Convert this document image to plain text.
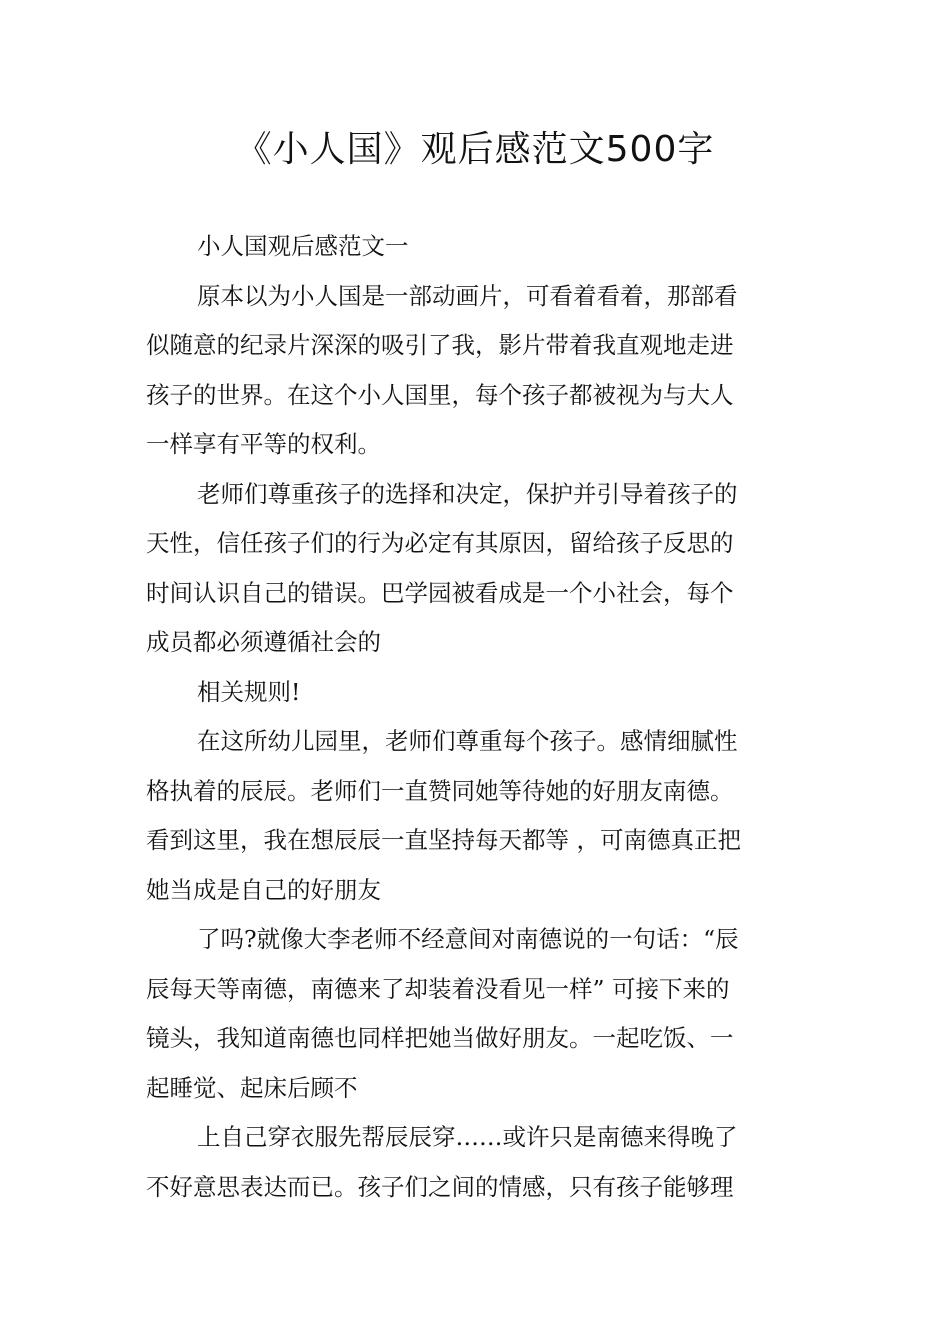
《小人国》观后感范文500字
小人国观后感范文一
原本以为小人国是一部动画片，可看着看着，那部看
似随意的纪录片深深的吸引了我，影片带着我直观地走进
孩子的世界。在这个小人国里，每个孩子都被视为与大人
一样享有平等的权利。
老师们尊重孩子的选择和决定，保护并引导着孩子的
天性，信任孩子们的行为必定有其原因，留给孩子反思的
时间认识自己的错误。巴学园被看成是一个小社会，每个
成员都必须遵循社会的
相关规则!
在这所幼儿园里，老师们尊重每个孩子。感情细腻性
格执着的辰辰。老师们一直赞同她等待她的好朋友南德。
看到这里，我在想辰辰一直坚持每天都等 ，可南德真正把
她当成是自己的好朋友
了吗?就像大李老师不经意间对南德说的一句话：“辰
辰每天等南德，南德来了却装着没看见一样” 可接下来的
镜头，我知道南德也同样把她当做好朋友。一起吃饭、一
起睡觉、起床后顾不
上自己穿衣服先帮辰辰穿……或许只是南德来得晚了
不好意思表达而已。孩子们之间的情感，只有孩子能够理
